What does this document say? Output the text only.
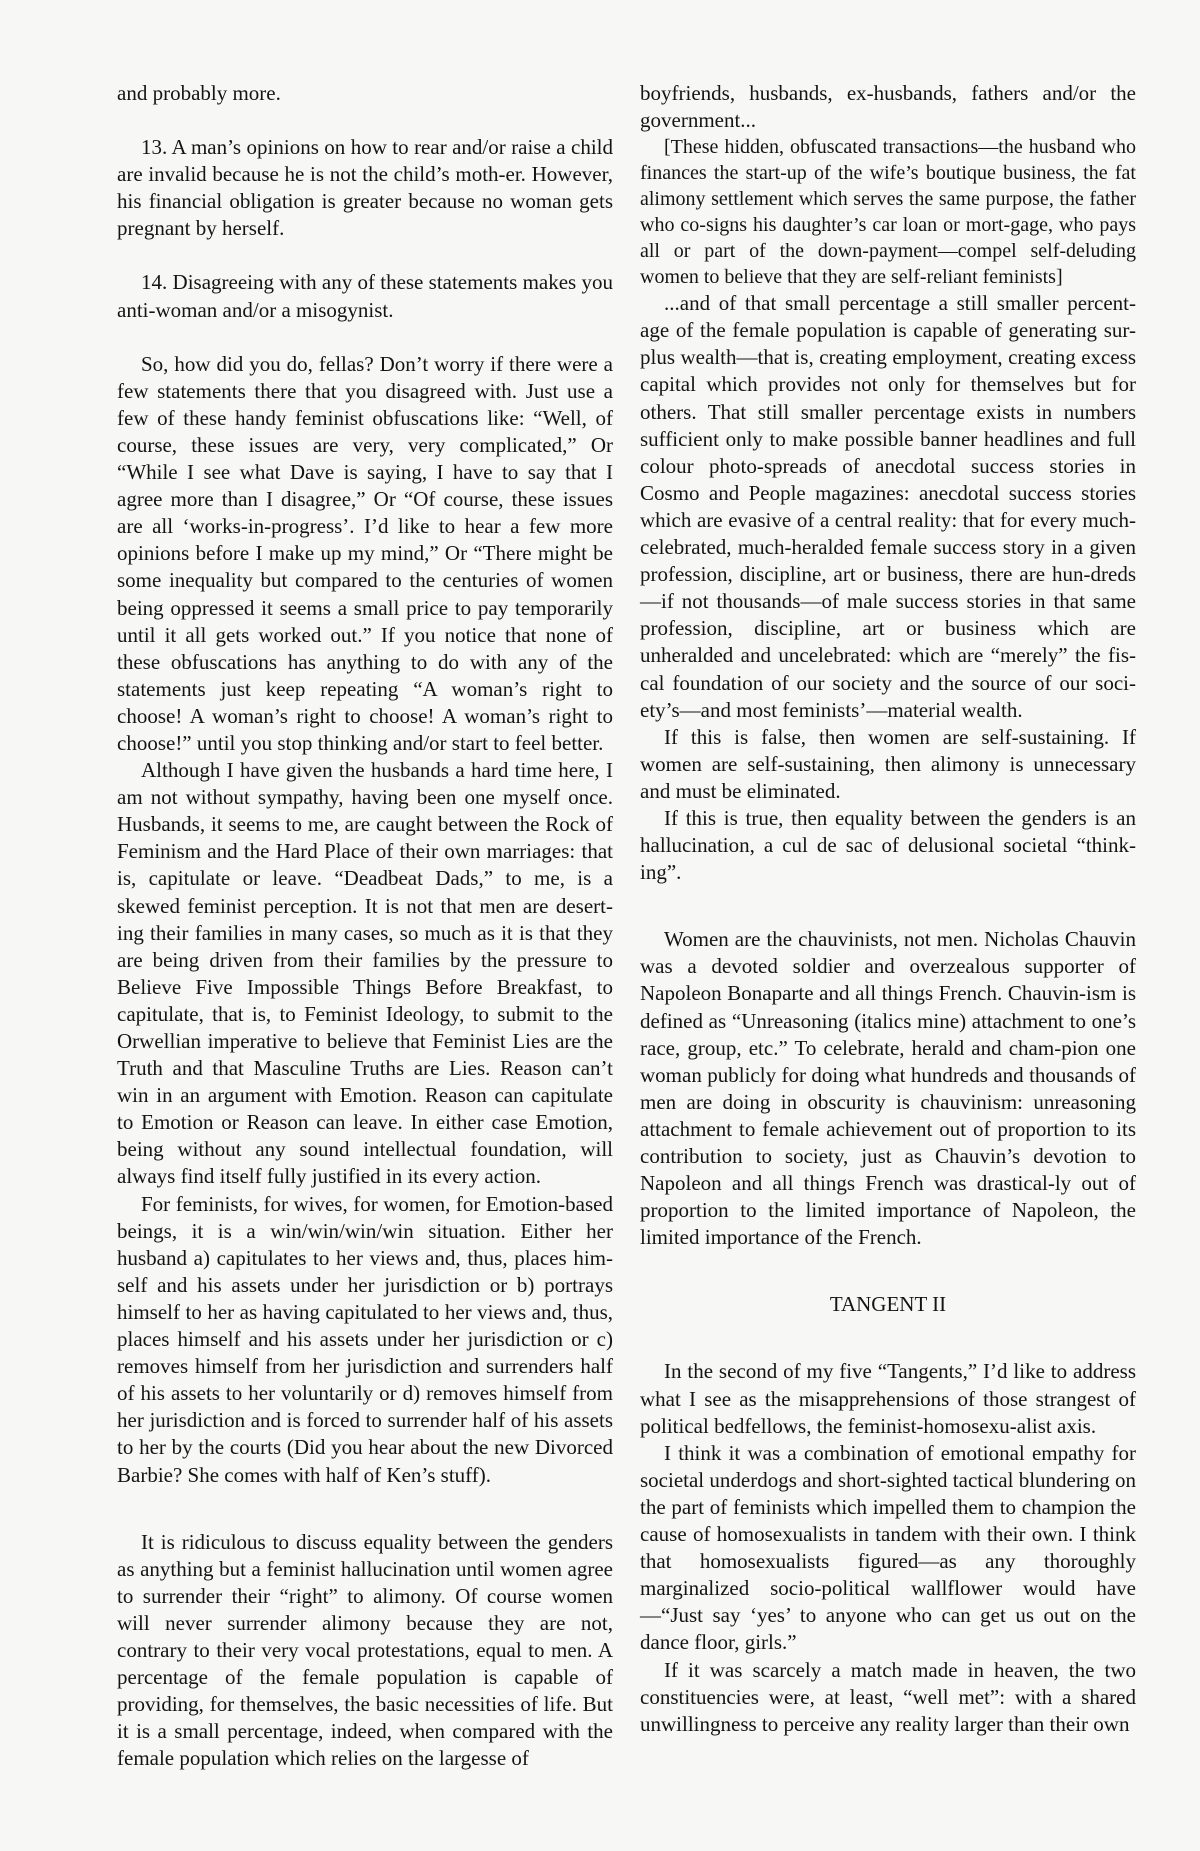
and probably more.

13. A man’s opinions on how to rear and/or raise a child are invalid because he is not the child’s moth-er. However, his financial obligation is greater because no woman gets pregnant by herself.

14. Disagreeing with any of these statements makes you anti-woman and/or a misogynist.

So, how did you do, fellas? Don’t worry if there were a few statements there that you disagreed with. Just use a few of these handy feminist obfuscations like: “Well, of course, these issues are very, very complicated,” Or “While I see what Dave is saying, I have to say that I agree more than I disagree,” Or “Of course, these issues are all ‘works-in-progress’. I’d like to hear a few more opinions before I make up my mind,” Or “There might be some inequality but compared to the centuries of women being oppressed it seems a small price to pay temporarily until it all gets worked out.” If you notice that none of these obfuscations has anything to do with any of the statements just keep repeating “A woman’s right to choose! A woman’s right to choose! A woman’s right to choose!” until you stop thinking and/or start to feel better.

Although I have given the husbands a hard time here, I am not without sympathy, having been one myself once. Husbands, it seems to me, are caught between the Rock of Feminism and the Hard Place of their own marriages: that is, capitulate or leave. “Deadbeat Dads,” to me, is a skewed feminist perception. It is not that men are desert-ing their families in many cases, so much as it is that they are being driven from their families by the pressure to Believe Five Impossible Things Before Breakfast, to capitulate, that is, to Feminist Ideology, to submit to the Orwellian imperative to believe that Feminist Lies are the Truth and that Masculine Truths are Lies. Reason can’t win in an argument with Emotion. Reason can capitulate to Emotion or Reason can leave. In either case Emotion, being without any sound intellectual foundation, will always find itself fully justified in its every action.

For feminists, for wives, for women, for Emotion-based beings, it is a win/win/win/win situation. Either her husband a) capitulates to her views and, thus, places him-self and his assets under her jurisdiction or b) portrays himself to her as having capitulated to her views and, thus, places himself and his assets under her jurisdiction or c) removes himself from her jurisdiction and surrenders half of his assets to her voluntarily or d) removes himself from her jurisdiction and is forced to surrender half of his assets to her by the courts (Did you hear about the new Divorced Barbie? She comes with half of Ken’s stuff).

It is ridiculous to discuss equality between the genders as anything but a feminist hallucination until women agree to surrender their “right” to alimony. Of course women will never surrender alimony because they are not, contrary to their very vocal protestations, equal to men. A percentage of the female population is capable of providing, for themselves, the basic necessities of life. But it is a small percentage, indeed, when compared with the female population which relies on the largesse of

boyfriends, husbands, ex-husbands, fathers and/or the government...

[These hidden, obfuscated transactions—the husband who finances the start-up of the wife’s boutique business, the fat alimony settlement which serves the same purpose, the father who co-signs his daughter’s car loan or mort-gage, who pays all or part of the down-payment—compel self-deluding women to believe that they are self-reliant feminists]

...and of that small percentage a still smaller percent-age of the female population is capable of generating sur-plus wealth—that is, creating employment, creating excess capital which provides not only for themselves but for others. That still smaller percentage exists in numbers sufficient only to make possible banner headlines and full colour photo-spreads of anecdotal success stories in Cosmo and People magazines: anecdotal success stories which are evasive of a central reality: that for every much-celebrated, much-heralded female success story in a given profession, discipline, art or business, there are hun-dreds—if not thousands—of male success stories in that same profession, discipline, art or business which are unheralded and uncelebrated: which are “merely” the fis-cal foundation of our society and the source of our soci-ety’s—and most feminists’—material wealth.

If this is false, then women are self-sustaining. If women are self-sustaining, then alimony is unnecessary and must be eliminated.

If this is true, then equality between the genders is an hallucination, a cul de sac of delusional societal “think-ing”.

Women are the chauvinists, not men. Nicholas Chauvin was a devoted soldier and overzealous supporter of Napoleon Bonaparte and all things French. Chauvin-ism is defined as “Unreasoning (italics mine) attachment to one’s race, group, etc.” To celebrate, herald and cham-pion one woman publicly for doing what hundreds and thousands of men are doing in obscurity is chauvinism: unreasoning attachment to female achievement out of proportion to its contribution to society, just as Chauvin’s devotion to Napoleon and all things French was drastical-ly out of proportion to the limited importance of Napoleon, the limited importance of the French.

TANGENT II

In the second of my five “Tangents,” I’d like to address what I see as the misapprehensions of those strangest of political bedfellows, the feminist-homosexu-alist axis.

I think it was a combination of emotional empathy for societal underdogs and short-sighted tactical blundering on the part of feminists which impelled them to champion the cause of homosexualists in tandem with their own. I think that homosexualists figured—as any thoroughly marginalized socio-political wallflower would have—“Just say ‘yes’ to anyone who can get us out on the dance floor, girls.”

If it was scarcely a match made in heaven, the two constituencies were, at least, “well met”: with a shared unwillingness to perceive any reality larger than their own
